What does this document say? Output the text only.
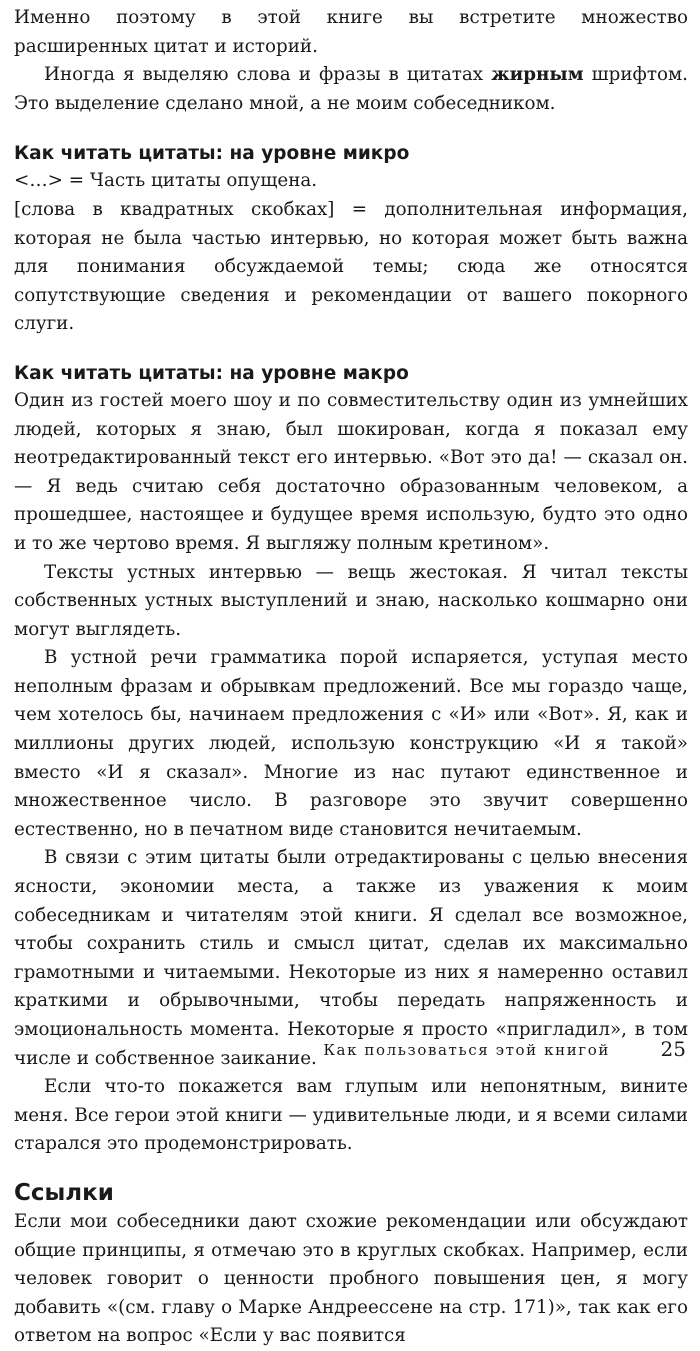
Именно поэтому в этой книге вы встретите множество расширенных цитат и историй.

Иногда я выделяю слова и фразы в цитатах жирным шрифтом. Это выделение сделано мной, а не моим собеседником.

Как читать цитаты: на уровне микро

<…> = Часть цитаты опущена.

[слова в квадратных скобках] = дополнительная информация, которая не была частью интервью, но которая может быть важна для понимания обсуждаемой темы; сюда же относятся сопутствующие сведения и рекомендации от вашего покорного слуги.

Как читать цитаты: на уровне макро

Один из гостей моего шоу и по совместительству один из умнейших людей, которых я знаю, был шокирован, когда я показал ему неотредактированный текст его интервью. «Вот это да! — сказал он. — Я ведь считаю себя достаточно образованным человеком, а прошедшее, настоящее и будущее время использую, будто это одно и то же чертово время. Я выгляжу полным кретином».

Тексты устных интервью — вещь жестокая. Я читал тексты собственных устных выступлений и знаю, насколько кошмарно они могут выглядеть.

В устной речи грамматика порой испаряется, уступая место неполным фразам и обрывкам предложений. Все мы гораздо чаще, чем хотелось бы, начинаем предложения с «И» или «Вот». Я, как и миллионы других людей, использую конструкцию «И я такой» вместо «И я сказал». Многие из нас путают единственное и множественное число. В разговоре это звучит совершенно естественно, но в печатном виде становится нечитаемым.

В связи с этим цитаты были отредактированы с целью внесения ясности, экономии места, а также из уважения к моим собеседникам и читателям этой книги. Я сделал все возможное, чтобы сохранить стиль и смысл цитат, сделав их максимально грамотными и читаемыми. Некоторые из них я намеренно оставил краткими и обрывочными, чтобы передать напряженность и эмоциональность момента. Некоторые я просто «пригладил», в том числе и собственное заикание.

Если что-то покажется вам глупым или непонятным, вините меня. Все герои этой книги — удивительные люди, и я всеми силами старался это продемонстрировать.

Ссылки

Если мои собеседники дают схожие рекомендации или обсуждают общие принципы, я отмечаю это в круглых скобках. Например, если человек говорит о ценности пробного повышения цен, я могу добавить «(см. главу о Марке Андреессене на стр. 171)», так как его ответом на вопрос «Если у вас появится

Как пользоваться этой книгой	25
